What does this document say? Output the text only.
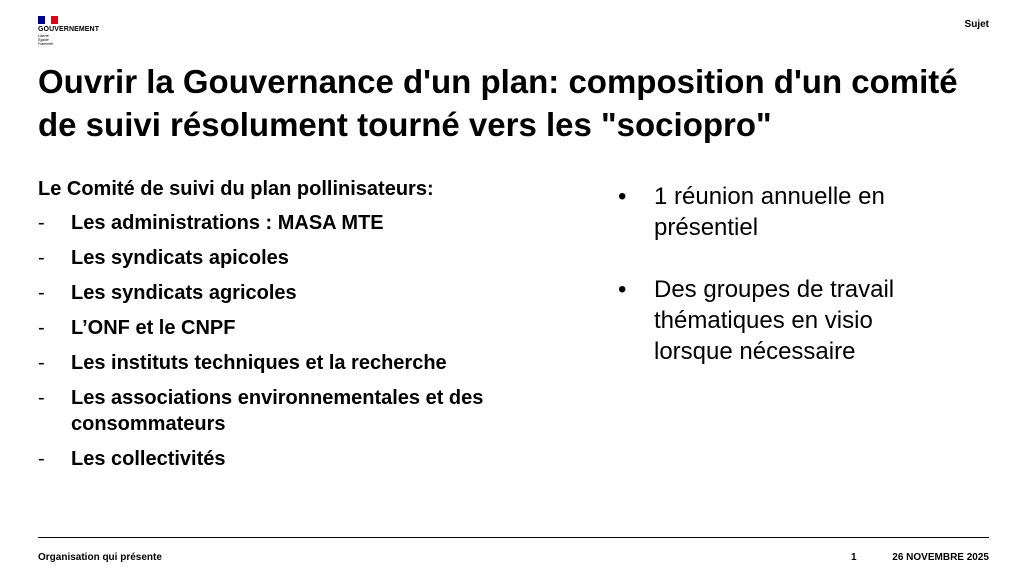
GOUVERNEMENT
Liberté
Égalité
Fraternité
Sujet
Ouvrir la Gouvernance d'un plan: composition d'un comité de suivi résolument tourné vers les "sociopro"

Le Comité de suivi du plan pollinisateurs:

- Les administrations : MASA MTE
- Les syndicats apicoles
- Les syndicats agricoles
- L’ONF et le CNPF
- Les instituts techniques et la recherche
- Les associations environnementales et des consommateurs
- Les collectivités
• 1 réunion annuelle en présentiel
• Des groupes de travail thématiques en visio lorsque nécessaire
Organisation qui présente	1	26 NOVEMBRE 2025
